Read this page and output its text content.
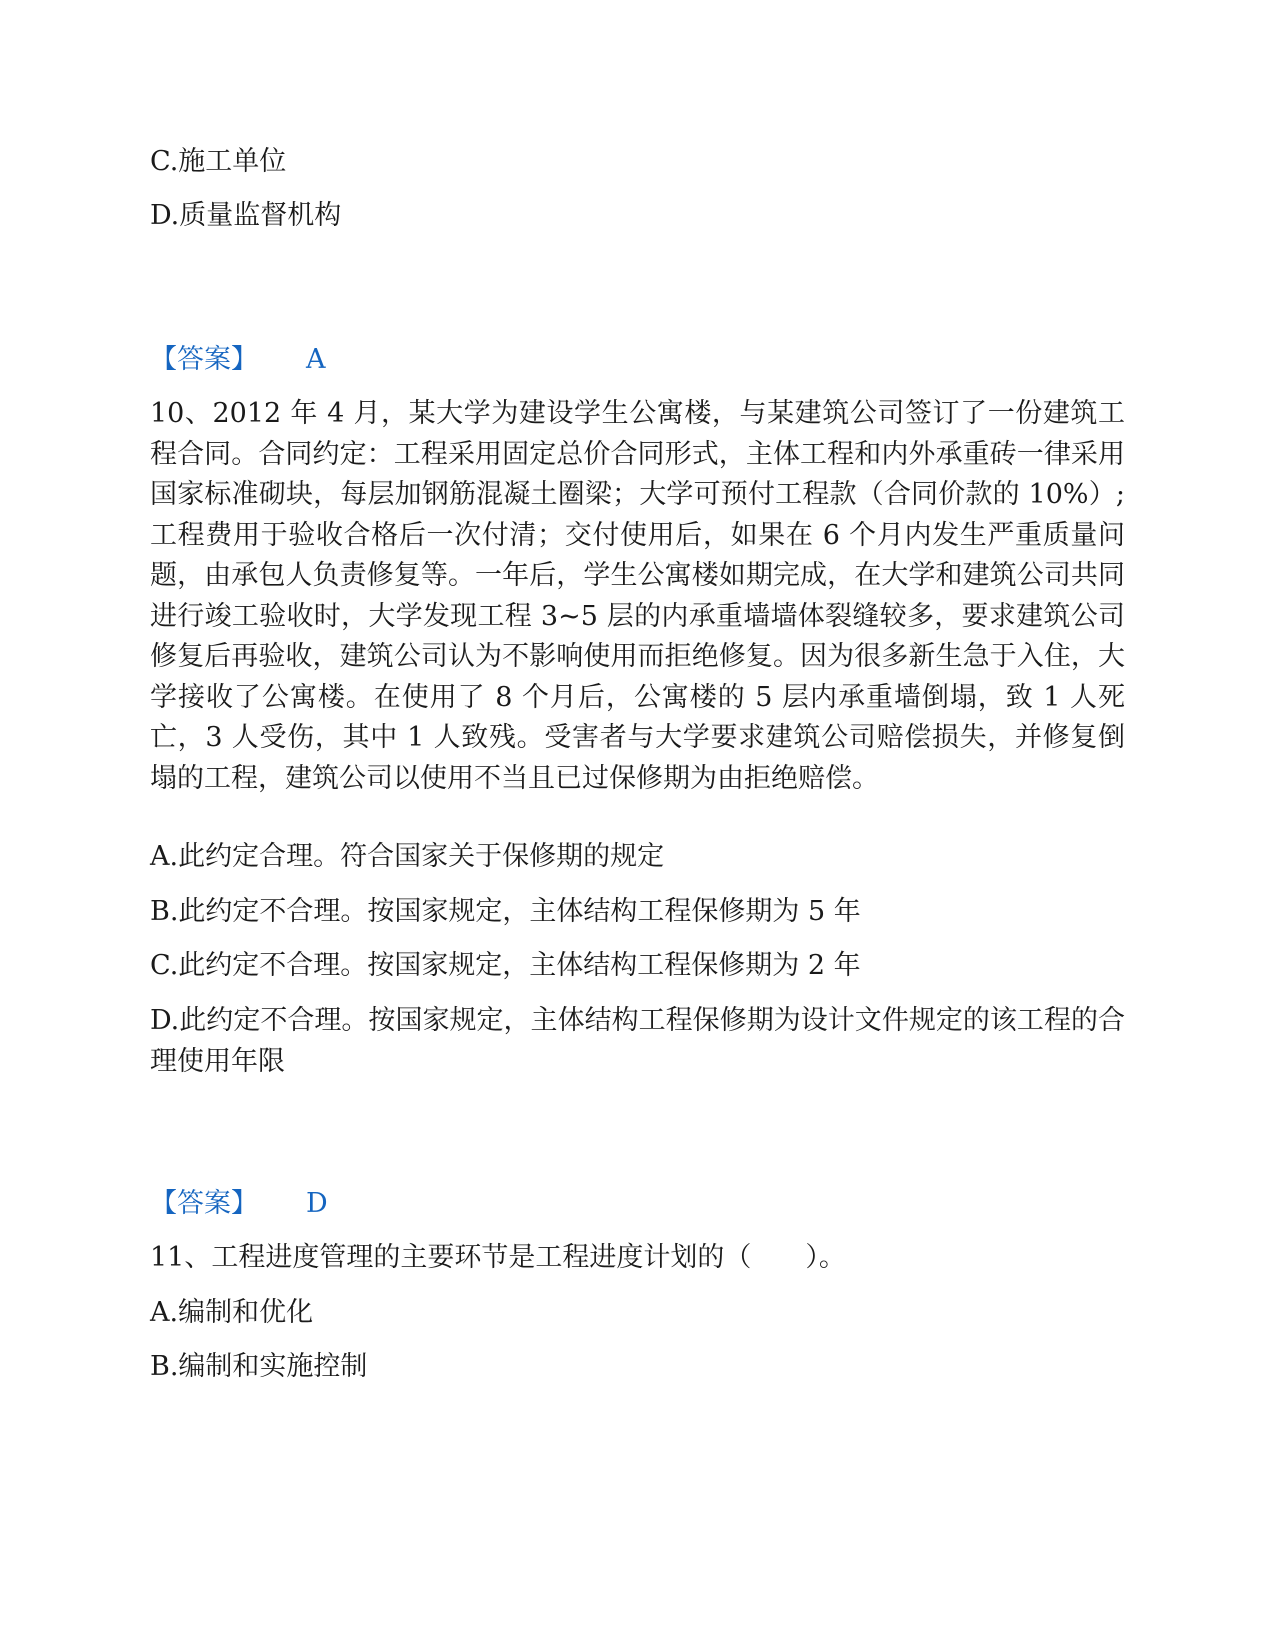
C.施工单位
D.质量监督机构
【答案】 A
10、2012 年 4 月，某大学为建设学生公寓楼，与某建筑公司签订了一份建筑工程合同。合同约定：工程采用固定总价合同形式，主体工程和内外承重砖一律采用国家标准砌块，每层加钢筋混凝土圈梁；大学可预付工程款（合同价款的 10%）;工程费用于验收合格后一次付清；交付使用后，如果在 6 个月内发生严重质量问题，由承包人负责修复等。一年后，学生公寓楼如期完成，在大学和建筑公司共同进行竣工验收时，大学发现工程 3~5 层的内承重墙墙体裂缝较多，要求建筑公司修复后再验收，建筑公司认为不影响使用而拒绝修复。因为很多新生急于入住，大学接收了公寓楼。在使用了 8 个月后，公寓楼的 5 层内承重墙倒塌，致 1 人死亡，3 人受伤，其中 1 人致残。受害者与大学要求建筑公司赔偿损失，并修复倒塌的工程，建筑公司以使用不当且已过保修期为由拒绝赔偿。
A.此约定合理。符合国家关于保修期的规定
B.此约定不合理。按国家规定，主体结构工程保修期为 5 年
C.此约定不合理。按国家规定，主体结构工程保修期为 2 年
D.此约定不合理。按国家规定，主体结构工程保修期为设计文件规定的该工程的合理使用年限
【答案】 D
11、工程进度管理的主要环节是工程进度计划的（　　）。
A.编制和优化
B.编制和实施控制
